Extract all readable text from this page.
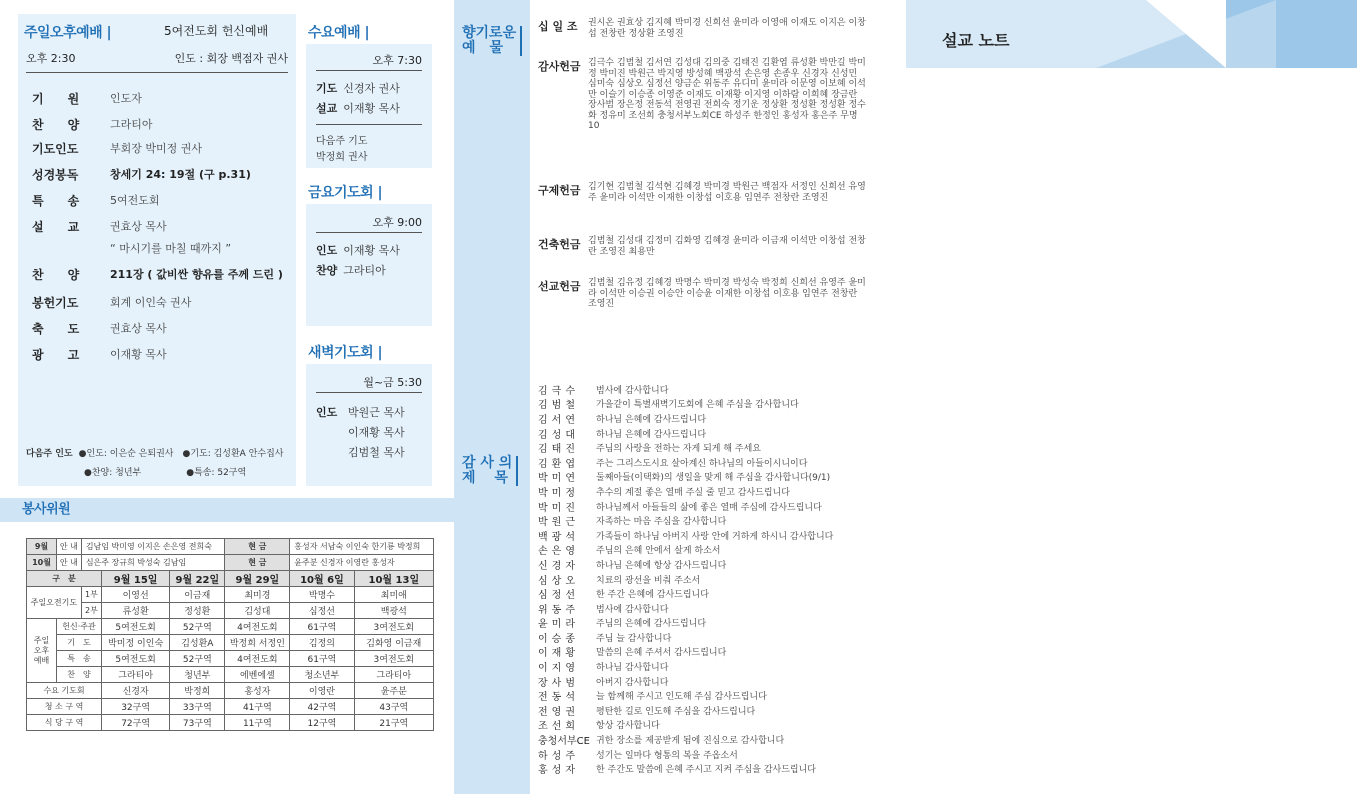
주일오후예배 |	5여전도회 헌신예배
오후 2:30	인도 : 회장 백점자 권사
기　　원	인도자
찬　　양	그라티아
기도인도	부회장 박미정 권사
성경봉독	창세기 24: 19절 (구 p.31)
특　　송	5여전도회
설　　교	권효상 목사
“ 마시기를 마칠 때까지 ”
찬　　양	211장 ( 값비싼 향유를 주께 드린 )
봉헌기도	회계 이인숙 권사
축　　도	권효상 목사
광　　고	이재황 목사
다음주 인도 ●인도: 이은순 은퇴권사　●기도: 김성환A 안수집사
●찬양: 청년부　　　　　●특송: 52구역
수요예배 |
오후 7:30
기도 신경자 권사
설교 이재황 목사
다음주 기도
박정희 권사
금요기도회 |
오후 9:00
인도 이재황 목사
찬양 그라티아
새벽기도회 |
월~금 5:30
인도 박원근 목사
이재황 목사
김범철 목사
봉사위원
9월	안 내	김남임 박미영 이지은 손은영 전희숙			현 금	홍성자 서남숙 이인숙 한기룡 박정희	
10월	안 내	심은주 장규희 박성숙 김남임			현 금	윤주분 신경자 이영란 홍성자	
구　분			9월 15일	9월 22일	9월 29일	10월 6일	10월 13일
주일오전기도		1부	이영선	이금재	최미경	박명수	최미애
		2부	류성환	정성환	김성대	심정선	백광석
주일 오후 예배	헌신·주관		5여전도회	52구역	4여전도회	61구역	3여전도회
	기　도		박미정 이인숙	김성환A	박정희 서정인	김정의	김화영 이금재
	특　송		5여전도회	52구역	4여전도회	61구역	3여전도회
	찬　양		그라티아	청년부	에벤에셀	청소년부	그라티아
수요 기도회			신경자	박정희	홍성자	이영란	윤주분
청 소 구 역			32구역	33구역	41구역	42구역	43구역
식 당 구 역			72구역	73구역	11구역	12구역	21구역
향기로운
예　물
십 일 조	권시온 권효상 김지혜 박미경 신희선 윤미라 이영애 이재도 이지은 이창섭 전창란 정상환 조영진
감사헌금 김극수 김범철 김서연 김성대 김의중 김태진 김환엽 류성환 박만길 박미정 박미진 박원근 박지영 방성혜 백광석 손은영 손종우 신경자 신성민 심미숙 심상오 심정선 양금순 위동주 유디미 윤미라 이문영 이보혜 이석만 이슬기 이승종 이영준 이재도 이재황 이지영 이하람 이희혜 장금란 장사범 장은정 전동석 전영권 전희숙 정기운 정상환 정성환 정성환 정수화 정유미 조선희 충청서부노회CE 하성주 한정인 홍성자 홍은주 무명10
구제헌금 김기현 김범철 김석현 김혜경 박미경 박원근 백점자 서정인 신희선 유영주 윤미라 이석만 이재한 이창섭 이호용 임연주 전창란 조영진
건축헌금 김범철 김성대 김정미 김화영 김혜경 윤미라 이금재 이석만 이창섭 전창란 조영진 최용만
선교헌금 김범철 김유정 김혜경 박명수 박미경 박성숙 박정희 신희선 유영주 윤미라 이석만 이승권 이승안 이승윤 이재한 이창섭 이호용 임연주 전창란 조영진
감 사 의
제　 목
김극수	범사에 감사합니다
김범철	가을같이 특별새벽기도회에 은혜 주심을 감사합니다
김서연	하나님 은혜에 감사드립니다
김성대	하나님 은혜에 감사드립니다
김태진	주님의 사랑을 전하는 자게 되게 해 주세요
김환엽	주는 그리스도시요 살아계신 하나님의 아들이시니이다
박미연	둘째아들(이택화)의 생일을 맞게 해 주심을 감사합니다(9/1)
박미정	추수의 계절 좋은 열매 주실 줄 믿고 감사드립니다
박미진	하나님께서 아들들의 삶에 좋은 열매 주심에 감사드립니다
박원근	자족하는 마음 주심을 감사합니다
백광석	가족들이 하나님 아버지 사랑 안에 거하게 하시니 감사합니다
손은영	주님의 은혜 안에서 살게 하소서
신경자	하나님 은혜에 항상 감사드립니다
심상오	치료의 광선을 비춰 주소서
심정선	한 주간 은혜에 감사드립니다
위동주	범사에 감사합니다
윤미라	주님의 은혜에 감사드립니다
이승종	주님 늘 감사합니다
이재황	말씀의 은혜 주셔서 감사드립니다
이지영	하나님 감사합니다
장사범	아버지 감사합니다
전동석	늘 함께해 주시고 인도해 주심 감사드립니다
전영권	평탄한 길로 인도해 주심을 감사드립니다
조선희	항상 감사합니다
충청서부CE 귀한 장소를 제공받게 됨에 진심으로 감사합니다
하성주	성기는 일마다 형통의 복을 주옵소서
홍성자	한 주간도 말씀에 은혜 주시고 지켜 주심을 감사드립니다
설교 노트
